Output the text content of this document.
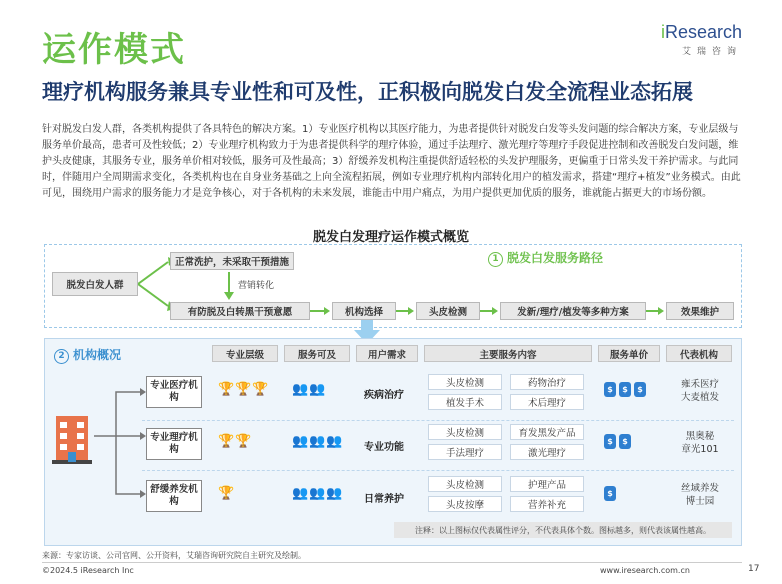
运作模式	iResearch
艾瑞咨询
理疗机构服务兼具专业性和可及性，正积极向脱发白发全流程业态拓展
针对脱发白发人群，各类机构提供了各具特色的解决方案。1）专业医疗机构以其医疗能力，为患者提供针对脱发白发等头发问题的综合解决方案，专业层级与服务单价最高，患者可及性较低；2）专业理疗机构致力于为患者提供科学的理疗体验，通过手法理疗、激光理疗等理疗手段促进控制和改善脱发白发问题，维护头皮健康，其服务专业，服务单价相对较低，服务可及性最高；3）舒缓养发机构注重提供舒适轻松的头发护理服务，更偏重于日常头发干养护需求。与此同时，伴随用户全周期需求变化，各类机构也在自身业务基础之上向全流程拓展，例如专业理疗机构内部转化用户的植发需求，搭建“理疗+植发”业务模式。由此可见，围绕用户需求的服务能力才是竞争核心，对于各机构的未来发展，谁能击中用户痛点，为用户提供更加优质的服务，谁就能占据更大的市场份额。
脱发白发理疗运作模式概览
1 脱发白发服务路径
脱发白发人群
正常洗护，未采取干预措施
营销转化
有防脱及白转黑干预意愿	机构选择	头皮检测	发新/理疗/植发等多种方案	效果维护
2 机构概况	专业层级	服务可及	用户需求	主要服务内容	服务单价	代表机构
专业医疗机构
🏆 🏆 🏆 👥 👥	疾病治疗
头皮检测	药物治疗
植发手术	术后理疗
$	$	$	雍禾医疗
大麦植发
专业理疗机构
🏆 🏆	👥 👥 👥 专业功能
头皮检测	育发黑发产品
手法理疗	激光理疗
$	$	黑奥秘
章光101
舒缓养发机构
🏆	👥 👥 👥 日常养护
头皮检测	护理产品
头皮按摩	营养补充
$	丝域养发
博士园
注释：以上图标仅代表属性评分，不代表具体个数。图标越多，则代表该属性越高。
来源：专家访谈、公司官网、公开资料，艾瑞咨询研究院自主研究及绘制。
©2024.5 iResearch Inc	www.iresearch.com.cn	17
